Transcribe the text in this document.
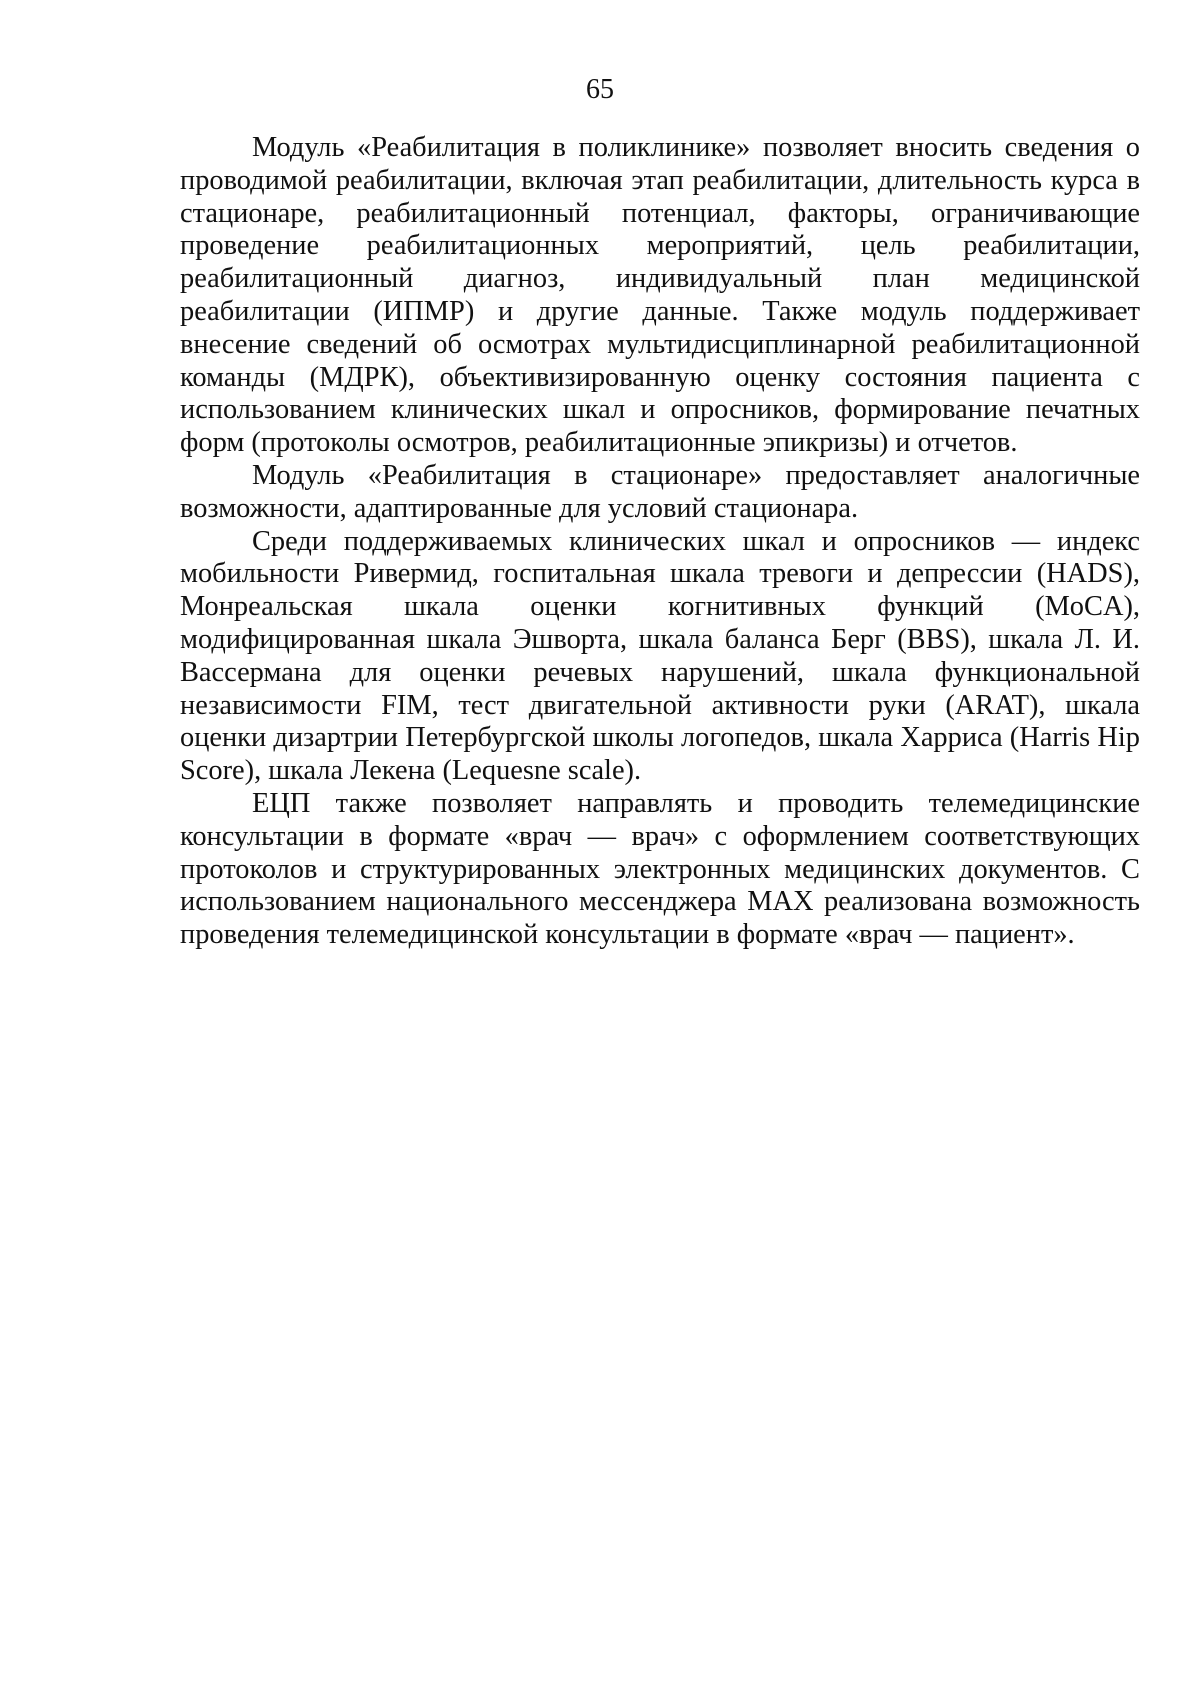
65

Модуль «Реабилитация в поликлинике» позволяет вносить сведения о проводимой реабилитации, включая этап реабилитации, длительность курса в стационаре, реабилитационный потенциал, факторы, ограничивающие проведение реабилитационных мероприятий, цель реабилитации, реабилитационный диагноз, индивидуальный план медицинской реабилитации (ИПМР) и другие данные. Также модуль поддерживает внесение сведений об осмотрах мультидисциплинарной реабилитационной команды (МДРК), объективизированную оценку состояния пациента с использованием клинических шкал и опросников, формирование печатных форм (протоколы осмотров, реабилитационные эпикризы) и отчетов.

Модуль «Реабилитация в стационаре» предоставляет аналогичные возможности, адаптированные для условий стационара.

Среди поддерживаемых клинических шкал и опросников — индекс мобильности Ривермид, госпитальная шкала тревоги и депрессии (HADS), Монреальская шкала оценки когнитивных функций (MoCA), модифицированная шкала Эшворта, шкала баланса Берг (BBS), шкала Л. И. Вассермана для оценки речевых нарушений, шкала функциональной независимости FIM, тест двигательной активности руки (ARAT), шкала оценки дизартрии Петербургской школы логопедов, шкала Харриса (Harris Hip Score), шкала Лекена (Lequesne scale).

ЕЦП также позволяет направлять и проводить телемедицинские консультации в формате «врач — врач» с оформлением соответствующих протоколов и структурированных электронных медицинских документов. С использованием национального мессенджера MAX реализована возможность проведения телемедицинской консультации в формате «врач — пациент».
